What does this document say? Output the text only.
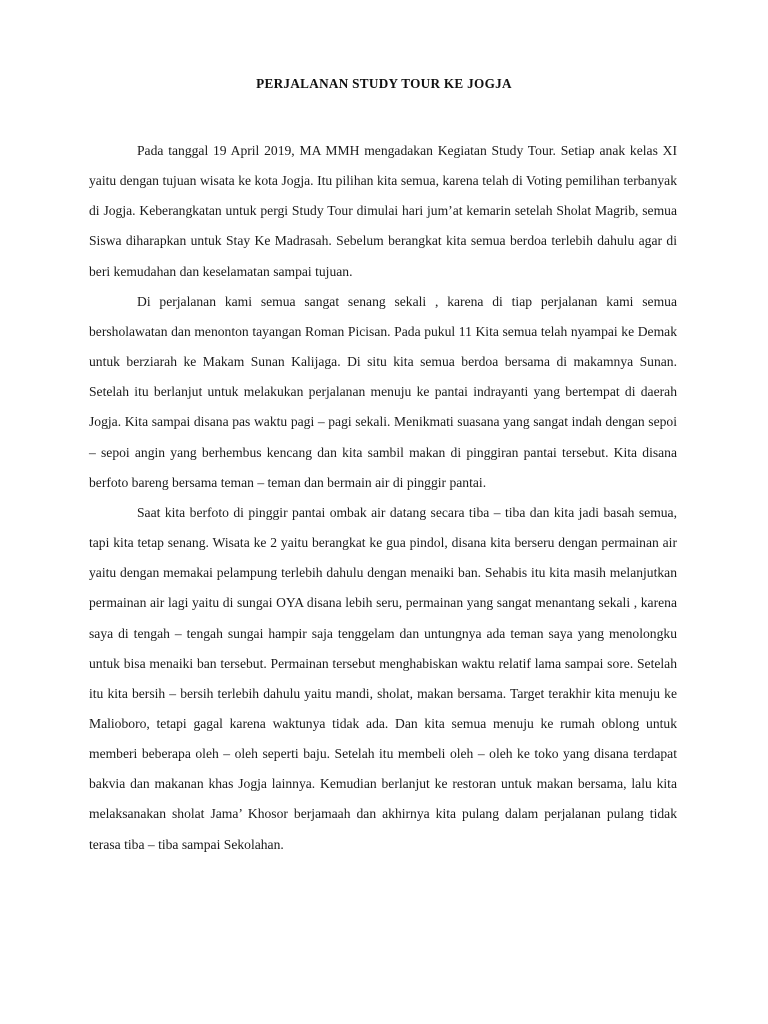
PERJALANAN STUDY TOUR KE JOGJA

Pada tanggal 19 April 2019, MA MMH mengadakan Kegiatan Study Tour. Setiap anak kelas XI yaitu dengan tujuan wisata ke kota Jogja. Itu pilihan kita semua, karena telah di Voting pemilihan terbanyak di Jogja. Keberangkatan untuk pergi Study Tour dimulai hari jum’at kemarin setelah Sholat Magrib, semua Siswa diharapkan untuk Stay Ke Madrasah. Sebelum berangkat kita semua berdoa terlebih dahulu agar di beri kemudahan dan keselamatan sampai tujuan.

Di perjalanan kami semua sangat senang sekali , karena di tiap perjalanan kami semua bersholawatan dan menonton tayangan Roman Picisan. Pada pukul 11 Kita semua telah nyampai ke Demak untuk berziarah ke Makam Sunan Kalijaga. Di situ kita semua berdoa bersama di makamnya Sunan. Setelah itu berlanjut untuk melakukan perjalanan menuju ke pantai indrayanti yang bertempat di daerah Jogja. Kita sampai disana pas waktu pagi – pagi sekali. Menikmati suasana yang sangat indah dengan sepoi – sepoi angin yang berhembus kencang dan kita sambil makan di pinggiran pantai tersebut. Kita disana berfoto bareng bersama teman – teman dan bermain air di pinggir pantai.

Saat kita berfoto di pinggir pantai ombak air datang secara tiba – tiba dan kita jadi basah semua, tapi kita tetap senang. Wisata ke 2 yaitu berangkat ke gua pindol, disana kita berseru dengan permainan air yaitu dengan memakai pelampung terlebih dahulu dengan menaiki ban. Sehabis itu kita masih melanjutkan permainan air lagi yaitu di sungai OYA disana lebih seru, permainan yang sangat menantang sekali , karena saya di tengah – tengah sungai hampir saja tenggelam dan untungnya ada teman saya yang menolongku untuk bisa menaiki ban tersebut. Permainan tersebut menghabiskan waktu relatif lama sampai sore. Setelah itu kita bersih – bersih terlebih dahulu yaitu mandi, sholat, makan bersama. Target terakhir kita menuju ke Malioboro, tetapi gagal karena waktunya tidak ada. Dan kita semua menuju ke rumah oblong untuk memberi beberapa oleh – oleh seperti baju. Setelah itu membeli oleh – oleh ke toko yang disana terdapat bakvia dan makanan khas Jogja lainnya. Kemudian berlanjut ke restoran untuk makan bersama, lalu kita melaksanakan sholat Jama’ Khosor berjamaah dan akhirnya kita pulang dalam perjalanan pulang tidak terasa tiba – tiba sampai Sekolahan.
